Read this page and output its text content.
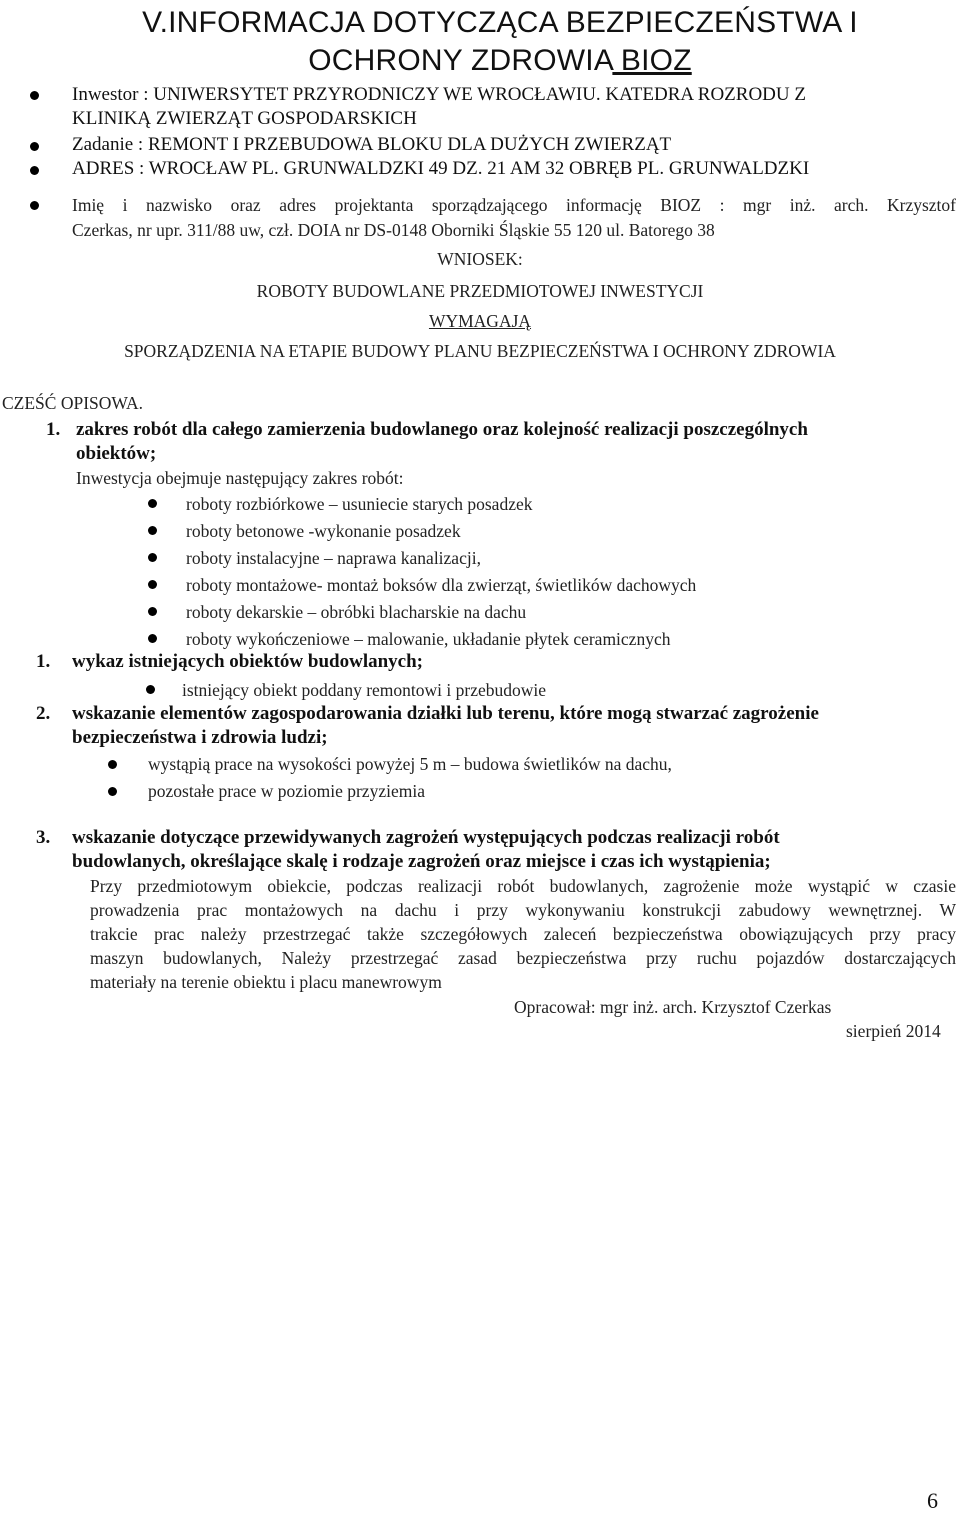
V.INFORMACJA DOTYCZĄCA BEZPIECZEŃSTWA I
OCHRONY ZDROWIA BIOZ
Inwestor : UNIWERSYTET PRZYRODNICZY WE WROCŁAWIU. KATEDRA ROZRODU Z
KLINIKĄ ZWIERZĄT GOSPODARSKICH
Zadanie : REMONT I PRZEBUDOWA BLOKU DLA DUŻYCH ZWIERZĄT
ADRES : WROCŁAW PL. GRUNWALDZKI 49 DZ. 21 AM 32 OBRĘB PL. GRUNWALDZKI
Imię i nazwisko oraz adres projektanta sporządzającego informację BIOZ : mgr inż. arch. Krzysztof
Czerkas, nr upr. 311/88 uw, czł. DOIA nr DS-0148 Oborniki Śląskie 55 120 ul. Batorego 38
WNIOSEK:
ROBOTY BUDOWLANE PRZEDMIOTOWEJ INWESTYCJI
WYMAGAJĄ
SPORZĄDZENIA NA ETAPIE BUDOWY PLANU BEZPIECZEŃSTWA I OCHRONY ZDROWIA
CZEŚĆ OPISOWA.
1. zakres robót dla całego zamierzenia budowlanego oraz kolejność realizacji poszczególnych
obiektów;
Inwestycja obejmuje następujący zakres robót:
roboty rozbiórkowe – usuniecie starych posadzek
roboty betonowe -wykonanie posadzek
roboty instalacyjne – naprawa kanalizacji,
roboty montażowe- montaż boksów dla zwierząt, świetlików dachowych
roboty dekarskie – obróbki blacharskie na dachu
roboty wykończeniowe – malowanie, układanie płytek ceramicznych
1. wykaz istniejących obiektów budowlanych;
istniejący obiekt poddany remontowi i przebudowie
2. wskazanie elementów zagospodarowania działki lub terenu, które mogą stwarzać zagrożenie
bezpieczeństwa i zdrowia ludzi;
wystąpią prace na wysokości powyżej 5 m – budowa świetlików na dachu,
pozostałe prace w poziomie przyziemia
3. wskazanie dotyczące przewidywanych zagrożeń występujących podczas realizacji robót
budowlanych, określające skalę i rodzaje zagrożeń oraz miejsce i czas ich wystąpienia;
Przy przedmiotowym obiekcie, podczas realizacji robót budowlanych, zagrożenie może wystąpić w czasie
prowadzenia prac montażowych na dachu i przy wykonywaniu konstrukcji zabudowy wewnętrznej. W
trakcie prac należy przestrzegać także szczegółowych zaleceń bezpieczeństwa obowiązujących przy pracy
maszyn budowlanych, Należy przestrzegać zasad bezpieczeństwa przy ruchu pojazdów dostarczających
materiały na terenie obiektu i placu manewrowym
Opracował: mgr inż. arch. Krzysztof Czerkas
sierpień 2014
6
